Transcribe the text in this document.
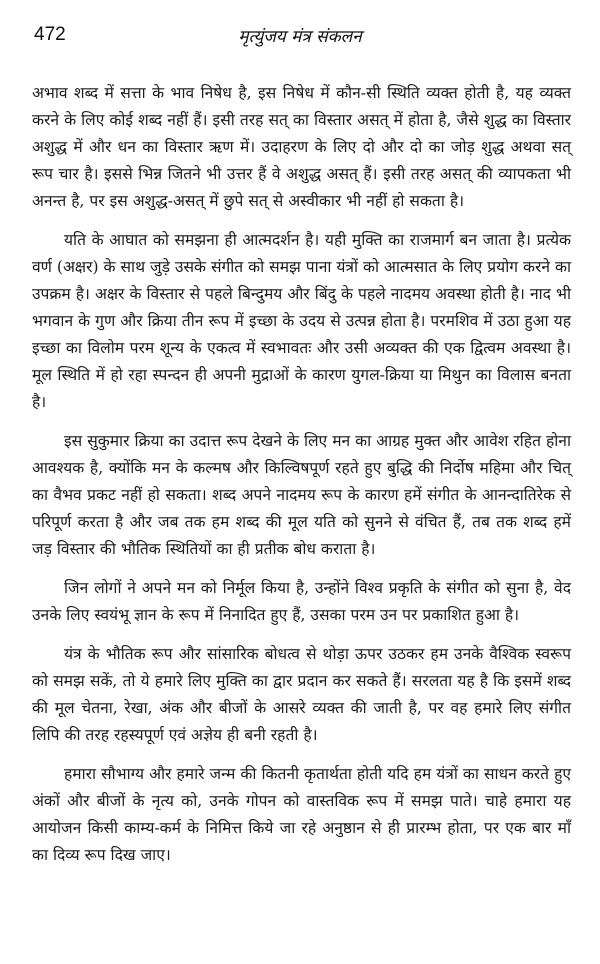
472	मृत्युंजय मंत्र संकलन

अभाव शब्द में सत्ता के भाव निषेध है, इस निषेध में कौन-सी स्थिति व्यक्त होती है, यह व्यक्त करने के लिए कोई शब्द नहीं हैं। इसी तरह सत् का विस्तार असत् में होता है, जैसे शुद्ध का विस्तार अशुद्ध में और धन का विस्तार ऋण में। उदाहरण के लिए दो और दो का जोड़ शुद्ध अथवा सत् रूप चार है। इससे भिन्न जितने भी उत्तर हैं वे अशुद्ध असत् हैं। इसी तरह असत् की व्यापकता भी अनन्त है, पर इस अशुद्ध-असत् में छुपे सत् से अस्वीकार भी नहीं हो सकता है।

यति के आघात को समझना ही आत्मदर्शन है। यही मुक्ति का राजमार्ग बन जाता है। प्रत्येक वर्ण (अक्षर) के साथ जुड़े उसके संगीत को समझ पाना यंत्रों को आत्मसात के लिए प्रयोग करने का उपक्रम है। अक्षर के विस्तार से पहले बिन्दुमय और बिंदु के पहले नादमय अवस्था होती है। नाद भी भगवान के गुण और क्रिया तीन रूप में इच्छा के उदय से उत्पन्न होता है। परमशिव में उठा हुआ यह इच्छा का विलोम परम शून्य के एकत्व में स्वभावतः और उसी अव्यक्त की एक द्वित्वम अवस्था है। मूल स्थिति में हो रहा स्पन्दन ही अपनी मुद्राओं के कारण युगल-क्रिया या मिथुन का विलास बनता है।

इस सुकुमार क्रिया का उदात्त रूप देखने के लिए मन का आग्रह मुक्त और आवेश रहित होना आवश्यक है, क्योंकि मन के कल्मष और किल्विषपूर्ण रहते हुए बुद्धि की निर्दोष महिमा और चित् का वैभव प्रकट नहीं हो सकता। शब्द अपने नादमय रूप के कारण हमें संगीत के आनन्दातिरेक से परिपूर्ण करता है और जब तक हम शब्द की मूल यति को सुनने से वंचित हैं, तब तक शब्द हमें जड़ विस्तार की भौतिक स्थितियों का ही प्रतीक बोध कराता है।

जिन लोगों ने अपने मन को निर्मूल किया है, उन्होंने विश्व प्रकृति के संगीत को सुना है, वेद उनके लिए स्वयंभू ज्ञान के रूप में निनादित हुए हैं, उसका परम उन पर प्रकाशित हुआ है।

यंत्र के भौतिक रूप और सांसारिक बोधत्व से थोड़ा ऊपर उठकर हम उनके वैश्विक स्वरूप को समझ सकें, तो ये हमारे लिए मुक्ति का द्वार प्रदान कर सकते हैं। सरलता यह है कि इसमें शब्द की मूल चेतना, रेखा, अंक और बीजों के आसरे व्यक्त की जाती है, पर वह हमारे लिए संगीत लिपि की तरह रहस्यपूर्ण एवं अज्ञेय ही बनी रहती है।

हमारा सौभाग्य और हमारे जन्म की कितनी कृतार्थता होती यदि हम यंत्रों का साधन करते हुए अंकों और बीजों के नृत्य को, उनके गोपन को वास्तविक रूप में समझ पाते। चाहे हमारा यह आयोजन किसी काम्य-कर्म के निमित्त किये जा रहे अनुष्ठान से ही प्रारम्भ होता, पर एक बार माँ का दिव्य रूप दिख जाए।
